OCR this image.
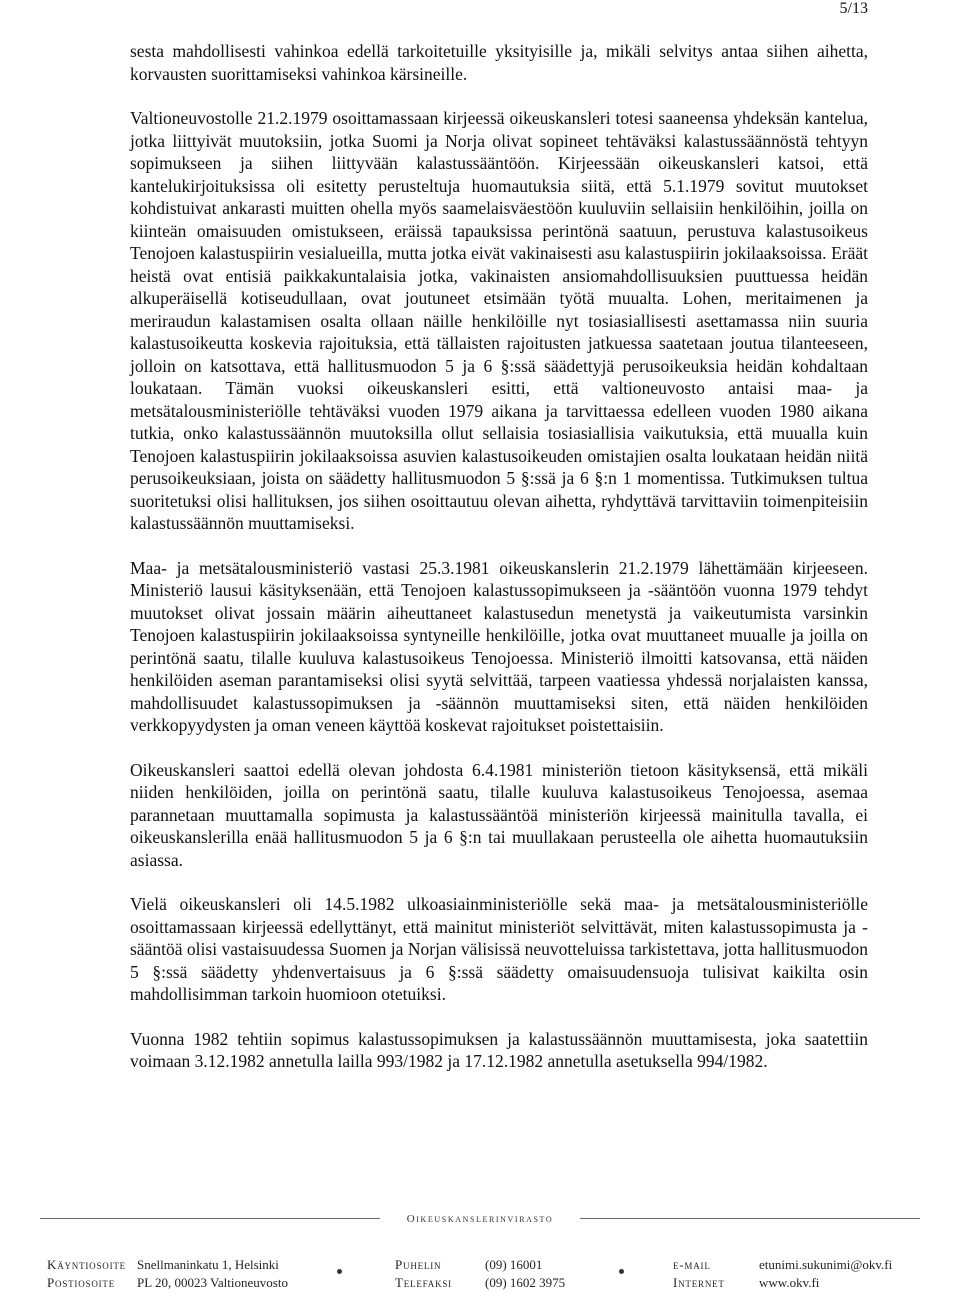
5/13

sesta mahdollisesti vahinkoa edellä tarkoitetuille yksityisille ja, mikäli selvitys antaa siihen aihetta, korvausten suorittamiseksi vahinkoa kärsineille.

Valtioneuvostolle 21.2.1979 osoittamassaan kirjeessä oikeuskansleri totesi saaneensa yhdeksän kantelua, jotka liittyivät muutoksiin, jotka Suomi ja Norja olivat sopineet tehtäväksi kalastussäännöstä tehtyyn sopimukseen ja siihen liittyvään kalastussääntöön. Kirjeessään oikeuskansleri katsoi, että kantelukirjoituksissa oli esitetty perusteltuja huomautuksia siitä, että 5.1.1979 sovitut muutokset kohdistuivat ankarasti muitten ohella myös saamelaisväestöön kuuluviin sellaisiin henkilöihin, joilla on kiinteän omaisuuden omistukseen, eräissä tapauksissa perintönä saatuun, perustuva kalastusoikeus Tenojoen kalastuspiirin vesialueilla, mutta jotka eivät vakinaisesti asu kalastuspiirin jokilaaksoissa. Eräät heistä ovat entisiä paikkakuntalaisia jotka, vakinaisten ansiomahdollisuuksien puuttuessa heidän alkuperäisellä kotiseudullaan, ovat joutuneet etsimään työtä muualta. Lohen, meritaimenen ja meriraudun kalastamisen osalta ollaan näille henkilöille nyt tosiasiallisesti asettamassa niin suuria kalastusoikeutta koskevia rajoituksia, että tällaisten rajoitusten jatkuessa saatetaan joutua tilanteeseen, jolloin on katsottava, että hallitusmuodon 5 ja 6 §:ssä säädettyjä perusoikeuksia heidän kohdaltaan loukataan. Tämän vuoksi oikeuskansleri esitti, että valtioneuvosto antaisi maa- ja metsätalousministeriölle tehtäväksi vuoden 1979 aikana ja tarvittaessa edelleen vuoden 1980 aikana tutkia, onko kalastussäännön muutoksilla ollut sellaisia tosiasiallisia vaikutuksia, että muualla kuin Tenojoen kalastuspiirin jokilaaksoissa asuvien kalastusoikeuden omistajien osalta loukataan heidän niitä perusoikeuksiaan, joista on säädetty hallitusmuodon 5 §:ssä ja 6 §:n 1 momentissa. Tutkimuksen tultua suoritetuksi olisi hallituksen, jos siihen osoittautuu olevan aihetta, ryhdyttävä tarvittaviin toimenpiteisiin kalastussäännön muuttamiseksi.

Maa- ja metsätalousministeriö vastasi 25.3.1981 oikeuskanslerin 21.2.1979 lähettämään kirjeeseen. Ministeriö lausui käsityksenään, että Tenojoen kalastussopimukseen ja -sääntöön vuonna 1979 tehdyt muutokset olivat jossain määrin aiheuttaneet kalastusedun menetystä ja vaikeutumista varsinkin Tenojoen kalastuspiirin jokilaaksoissa syntyneille henkilöille, jotka ovat muuttaneet muualle ja joilla on perintönä saatu, tilalle kuuluva kalastusoikeus Tenojoessa. Ministeriö ilmoitti katsovansa, että näiden henkilöiden aseman parantamiseksi olisi syytä selvittää, tarpeen vaatiessa yhdessä norjalaisten kanssa, mahdollisuudet kalastussopimuksen ja -säännön muuttamiseksi siten, että näiden henkilöiden verkkopyydysten ja oman veneen käyttöä koskevat rajoitukset poistettaisiin.

Oikeuskansleri saattoi edellä olevan johdosta 6.4.1981 ministeriön tietoon käsityksensä, että mikäli niiden henkilöiden, joilla on perintönä saatu, tilalle kuuluva kalastusoikeus Tenojoessa, asemaa parannetaan muuttamalla sopimusta ja kalastussääntöä ministeriön kirjeessä mainitulla tavalla, ei oikeuskanslerilla enää hallitusmuodon 5 ja 6 §:n tai muullakaan perusteella ole aihetta huomautuksiin asiassa.

Vielä oikeuskansleri oli 14.5.1982 ulkoasiainministeriölle sekä maa- ja metsätalousministeriölle osoittamassaan kirjeessä edellyttänyt, että mainitut ministeriöt selvittävät, miten kalastussopimusta ja -sääntöä olisi vastaisuudessa Suomen ja Norjan välisissä neuvotteluissa tarkistettava, jotta hallitusmuodon 5 §:ssä säädetty yhdenvertaisuus ja 6 §:ssä säädetty omaisuudensuoja tulisivat kaikilta osin mahdollisimman tarkoin huomioon otetuiksi.

Vuonna 1982 tehtiin sopimus kalastussopimuksen ja kalastussäännön muuttamisesta, joka saatettiin voimaan 3.12.1982 annetulla lailla 993/1982 ja 17.12.1982 annetulla asetuksella 994/1982.

Oikeuskanslerinvirasto
Käyntiosoite
Postiosoite
Snellmaninkatu 1, Helsinki
PL 20, 00023 Valtioneuvosto
Puhelin
Telefaksi
(09) 16001
(09) 1602 3975
e-mail
Internet
etunimi.sukunimi@okv.fi
www.okv.fi
